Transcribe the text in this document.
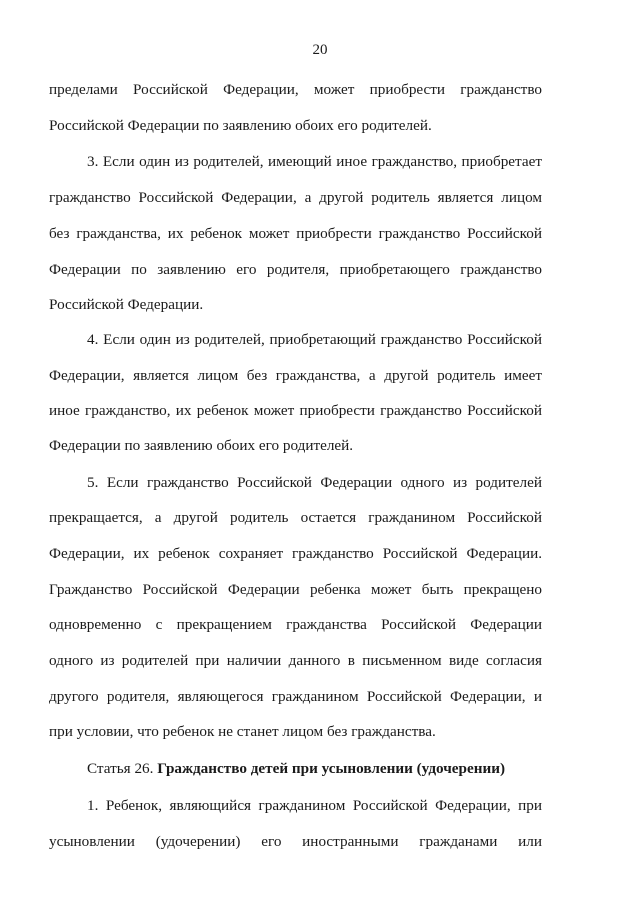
20
пределами Российской Федерации, может приобрести гражданство
Российской Федерации по заявлению обоих его родителей.
3. Если один из родителей, имеющий иное гражданство, приобретает
гражданство Российской Федерации, а другой родитель является лицом
без гражданства, их ребенок может приобрести гражданство Российской
Федерации по заявлению его родителя, приобретающего гражданство
Российской Федерации.
4. Если один из родителей, приобретающий гражданство Российской
Федерации, является лицом без гражданства, а другой родитель имеет
иное гражданство, их ребенок может приобрести гражданство Российской
Федерации по заявлению обоих его родителей.
5. Если гражданство Российской Федерации одного из родителей
прекращается, а другой родитель остается гражданином Российской
Федерации, их ребенок сохраняет гражданство Российской Федерации.
Гражданство Российской Федерации ребенка может быть прекращено
одновременно с прекращением гражданства Российской Федерации
одного из родителей при наличии данного в письменном виде согласия
другого родителя, являющегося гражданином Российской Федерации, и
при условии, что ребенок не станет лицом без гражданства.
Статья 26. Гражданство детей при усыновлении (удочерении)
1. Ребенок, являющийся гражданином Российской Федерации, при
усыновлении (удочерении) его иностранными гражданами или
